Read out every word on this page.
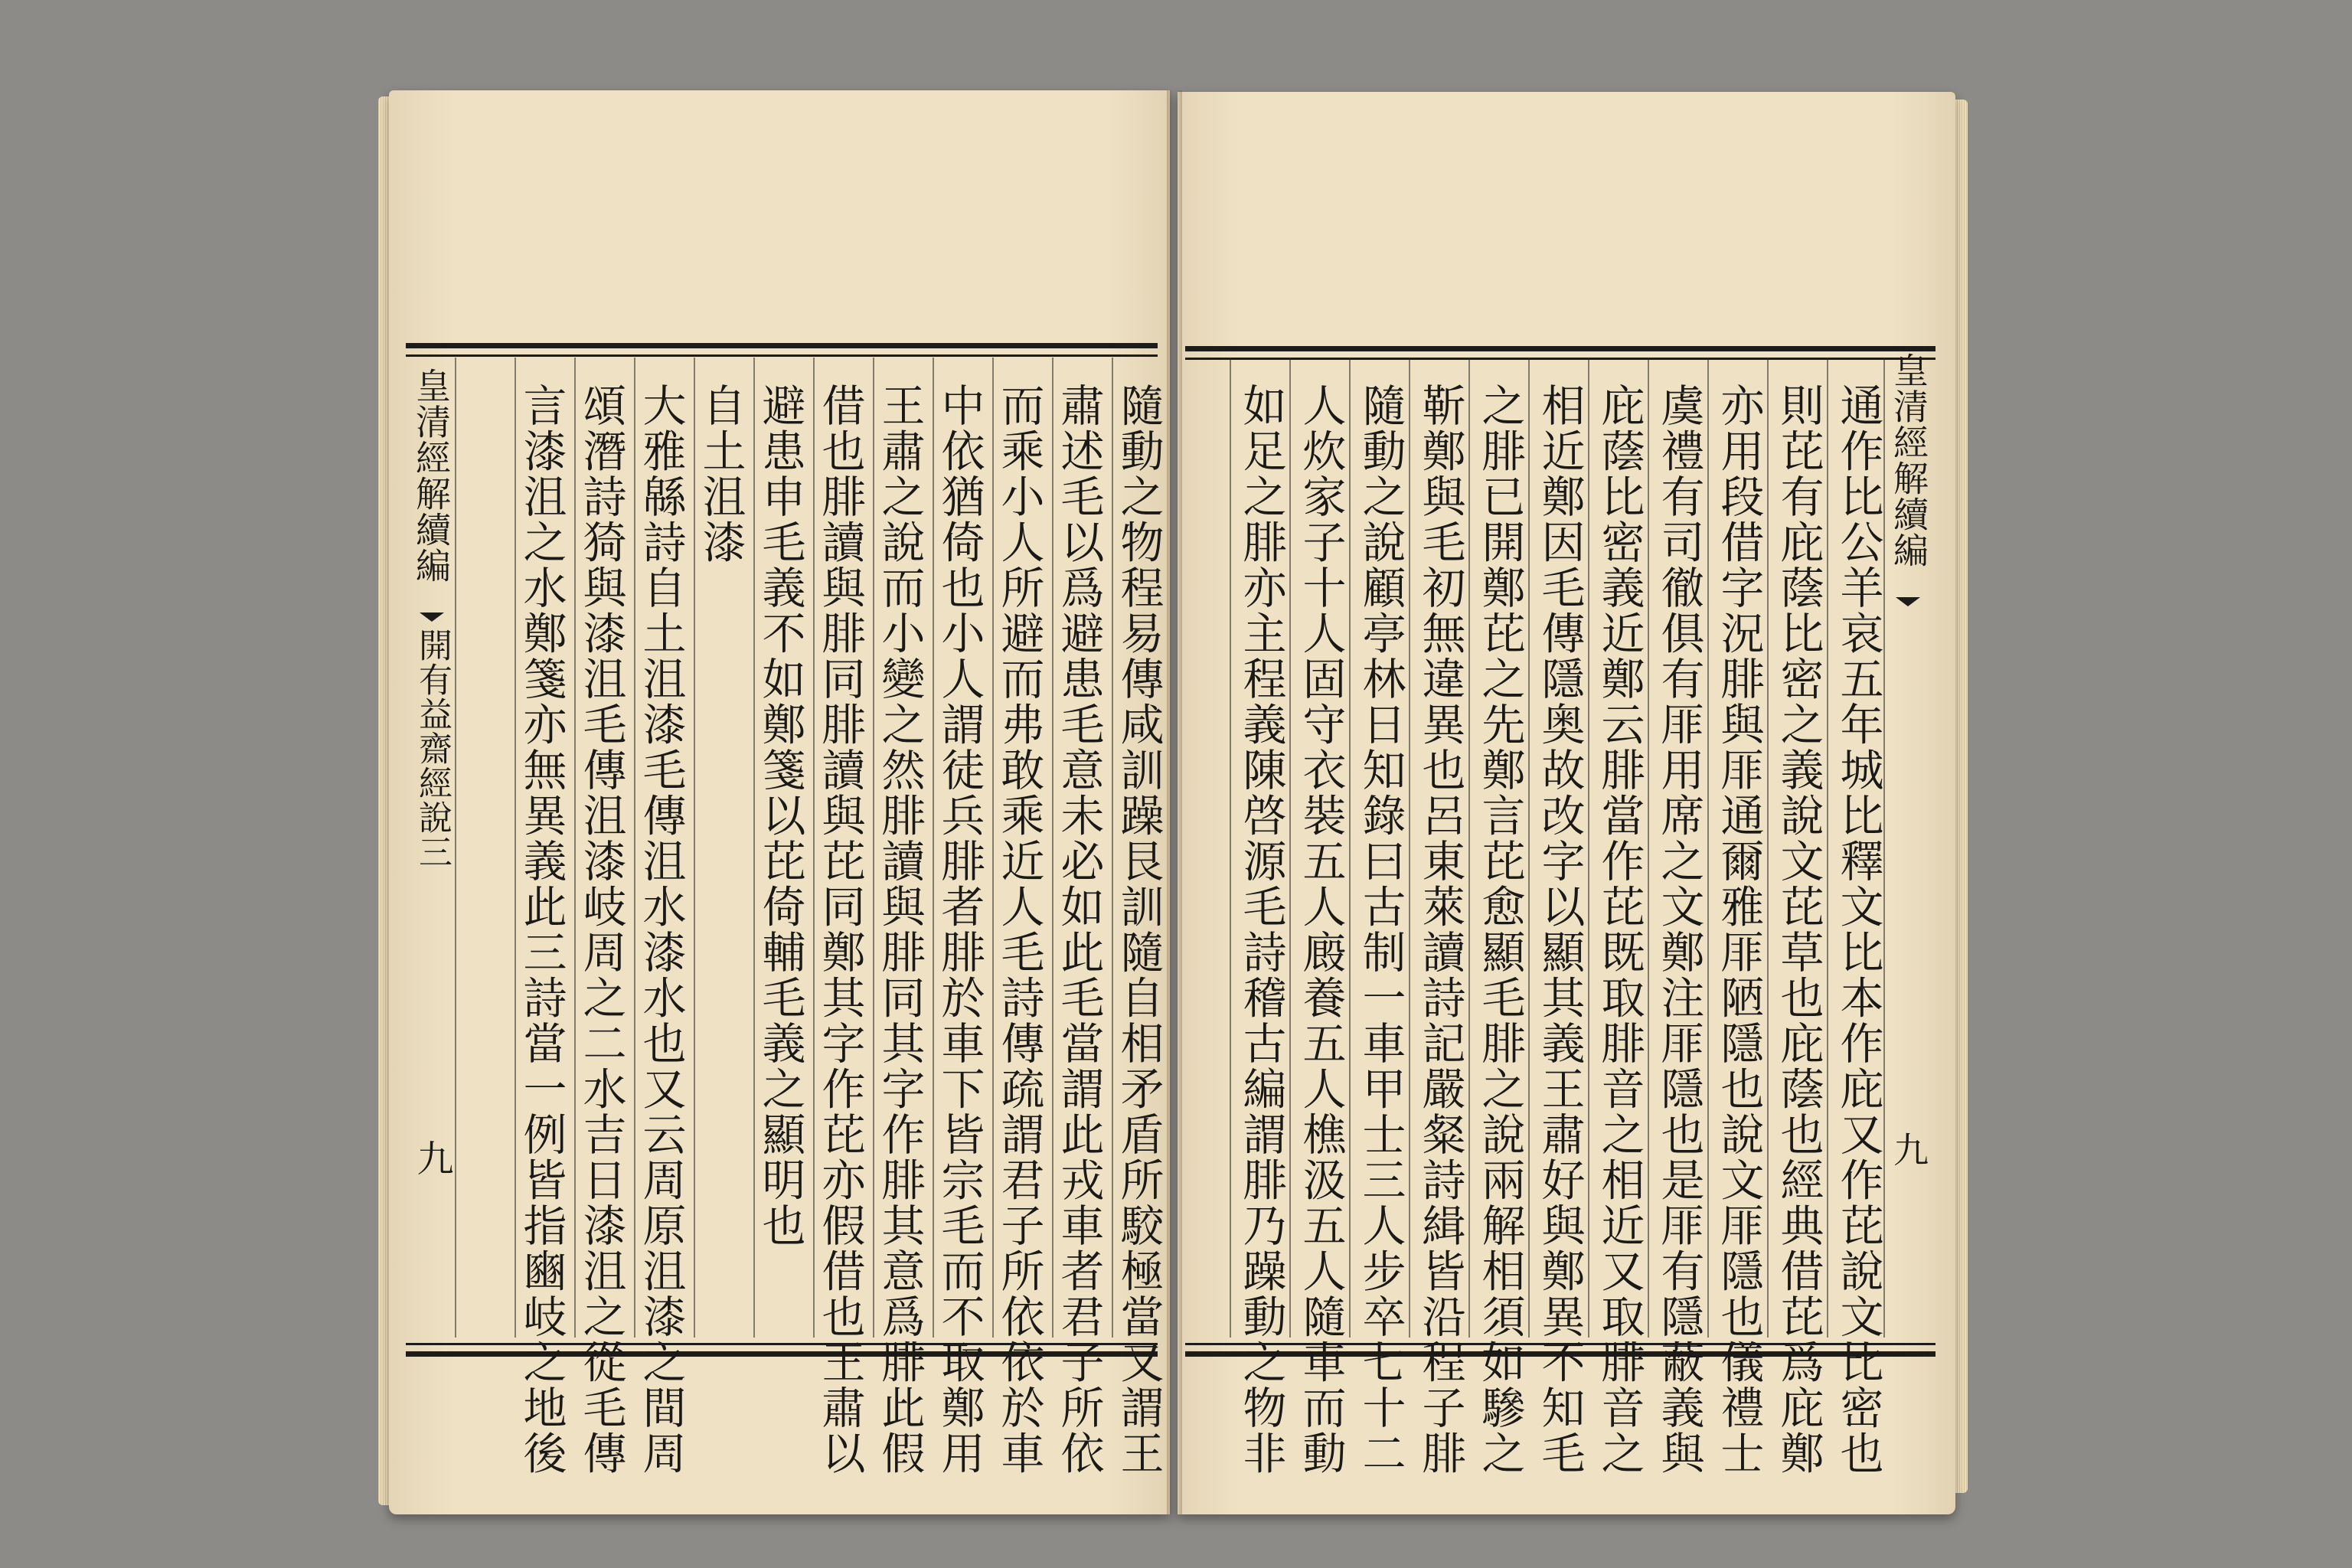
皇清經解續編
開有益齋經說三
九	隨動之物程易傳咸訓躁艮訓隨自相矛盾所駮極當又謂王
肅述毛以爲避患毛意未必如此毛當謂此戎車者君子所依
而乘小人所避而弗敢乘近人毛詩傳疏謂君子所依依於車
中依猶倚也小人謂徒兵腓者腓於車下皆宗毛而不取鄭用
王肅之說而小變之然腓讀與腓同其字作腓其意爲腓此假
借也腓讀與腓同腓讀與芘同鄭其字作芘亦假借也王肅以
避患申毛義不如鄭箋以芘倚輔毛義之顯明也
自土沮漆
大雅緜詩自土沮漆毛傳沮水漆水也又云周原沮漆之間周
頌潛詩猗與漆沮毛傳沮漆岐周之二水吉日漆沮之從毛傳
言漆沮之水鄭箋亦無異義此三詩當一例皆指豳岐之地後	皇清經解續編
九
通作比公羊哀五年城比釋文比本作庇又作芘說文比密也
則芘有庇蔭比密之義說文芘草也庇蔭也經典借芘爲庇鄭
亦用段借字況腓與厞通爾雅厞陋隱也說文厞隱也儀禮士
虞禮有司徹俱有厞用席之文鄭注厞隱也是厞有隱蔽義與
庇蔭比密義近鄭云腓當作芘既取腓音之相近又取腓音之
相近鄭因毛傳隱奥故改字以顯其義王肅好與鄭異不知毛
之腓已開鄭芘之先鄭言芘愈顯毛腓之說兩解相須如驂之
靳鄭與毛初無違異也呂東萊讀詩記嚴粲詩緝皆沿程子腓
隨動之說顧亭林日知錄曰古制一車甲士三人步卒七十二
人炊家子十人固守衣裝五人廄養五人樵汲五人隨車而動
如足之腓亦主程義陳啓源毛詩稽古編謂腓乃躁動之物非
